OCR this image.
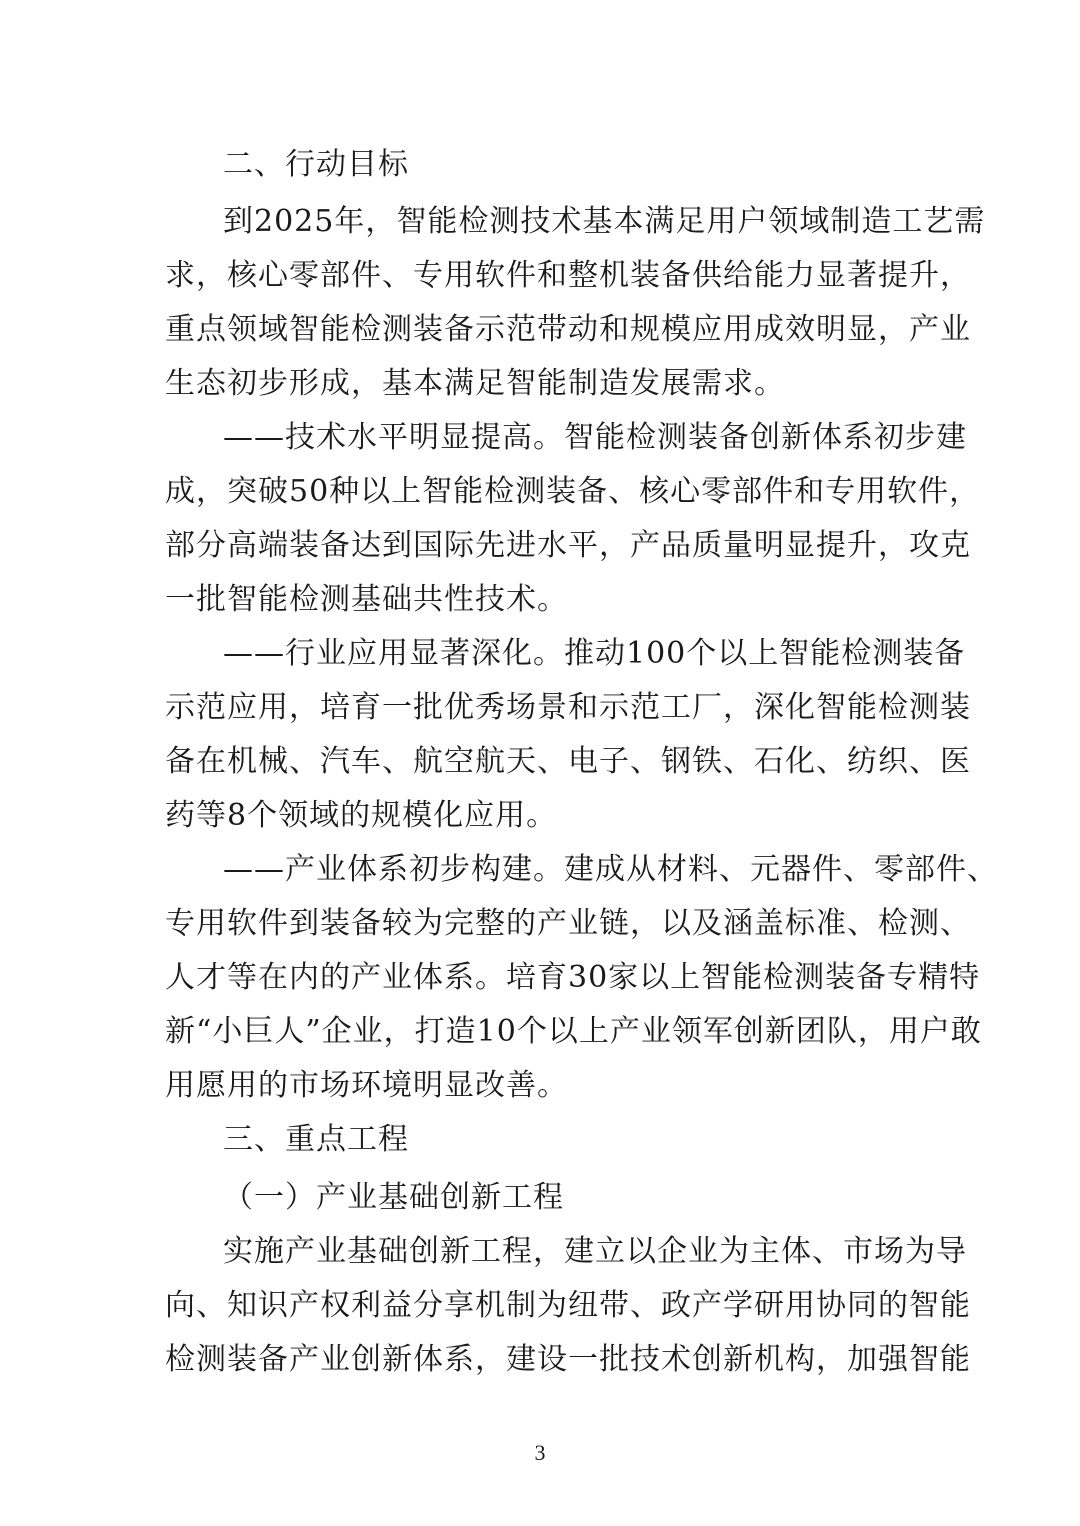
二、行动目标
到2025年，智能检测技术基本满足用户领域制造工艺需
求，核心零部件、专用软件和整机装备供给能力显著提升，
重点领域智能检测装备示范带动和规模应用成效明显，产业
生态初步形成，基本满足智能制造发展需求。
——技术水平明显提高。智能检测装备创新体系初步建
成，突破50种以上智能检测装备、核心零部件和专用软件，
部分高端装备达到国际先进水平，产品质量明显提升，攻克
一批智能检测基础共性技术。
——行业应用显著深化。推动100个以上智能检测装备
示范应用，培育一批优秀场景和示范工厂，深化智能检测装
备在机械、汽车、航空航天、电子、钢铁、石化、纺织、医
药等8个领域的规模化应用。
——产业体系初步构建。建成从材料、元器件、零部件、
专用软件到装备较为完整的产业链，以及涵盖标准、检测、
人才等在内的产业体系。培育30家以上智能检测装备专精特
新“小巨人”企业，打造10个以上产业领军创新团队，用户敢
用愿用的市场环境明显改善。
三、重点工程
（一）产业基础创新工程
实施产业基础创新工程，建立以企业为主体、市场为导
向、知识产权利益分享机制为纽带、政产学研用协同的智能
检测装备产业创新体系，建设一批技术创新机构，加强智能
3
